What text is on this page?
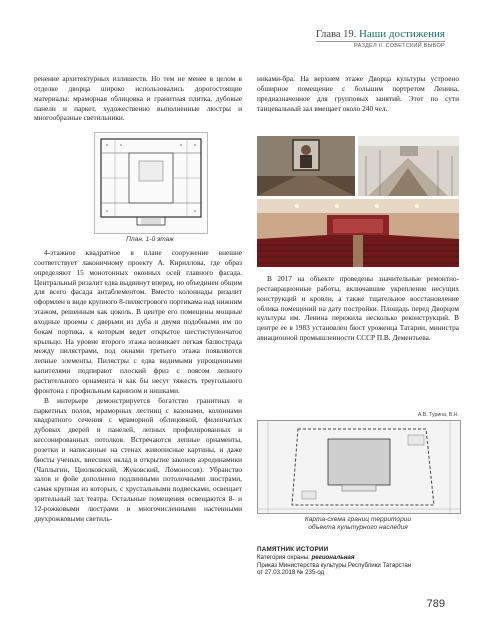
Глава 19. Наши достижения
РАЗДЕЛ II. СОВЕТСКИЙ ВЫБОР

ренение архитектурных излишеств. Но тем не менее в целом в отделке дворца широко использовались дорогостоящие материалы: мраморная облицовка и гранитная плитка, дубовые панели и паркет, художественно выполненные люстры и многообразные светильники.

План. 1-й этаж

4-этажное квадратное в плане сооружение внешне соответствует лаконичному проекту А. Кириллова, где образ определяют 15 монотонных оконных осей главного фасада. Центральный ризалит едва выдвинут вперед, но объединен общим для всего фасада антаблементом. Вместо колоннады ризалит оформлен в виде крупного 8-пилястрового портикама над нижним этажом, решенным как цоколь. В центре его помещены мощные входные проемы с дверьми из дуба и двумя подобными им по бокам портика, к которым ведет открытое шестиступенчатое крыльцо. На уровне второго этажа возникает легкая балюстрада между пилястрами, под окнами третьего этажа появляются лепные элементы. Пилястры с едва видимыми упрощенными капителями подпирают плоский фриз с поясом лепного растительного орнамента и как бы несут тяжесть треугольного фронтона с профильным карнизом и нишками.

В интерьере демонстрируется богатство гранитных и паркетных полов, мраморных лестниц с вазонами, колоннами квадратного сечения с мраморной облицовкой, филенчатых дубовых дверей и панелей, лепных профилированных и кессонированных потолков. Встречаются лепные орнаменты, розетки и написанные на стенах живописные картины, и даже бюсты ученых, внесших вклад в открытие законов аэродинамики (Чаплыгин, Циолковский, Жуковский, Ломоносов). Убранство залов и фойе дополнено подлинными потолочными люстрами, самая крупная из которых, с хрустальными подвесками, освещает зрительный зал театра. Остальные помещения освещаются 8- и 12-рожковыми люстрами и многочисленными настенными двухрожковыми светиль-

никами-бра. На верхнем этаже Дворца культуры устроено обширное помещение с большим портретом Ленина, предназначенное для групповых занятий. Этот по сути танцевальный зал вмещает около 240 чел.

В 2017 на объекте проведены значительные ремонтно-реставрационные работы, включавшие укрепление несущих конструкций и кровли, а также тщательное восстановление облика помещений на дату постройки. Площадь перед Дворцом культуры им. Ленина пережила несколько реконструкций. В центре ее в 1983 установлен бюст уроженца Татарии, министра авиационной промышленности СССР П.В. Дементьева.

А.В. Турина, В.Н.
Карта-схема границ территории
объекта культурного наследия
ПАМЯТНИК ИСТОРИИ
Категория охраны: региональная
Приказ Министерства культуры Республики Татарстан
от 27.03.2018 № 235-од
789
